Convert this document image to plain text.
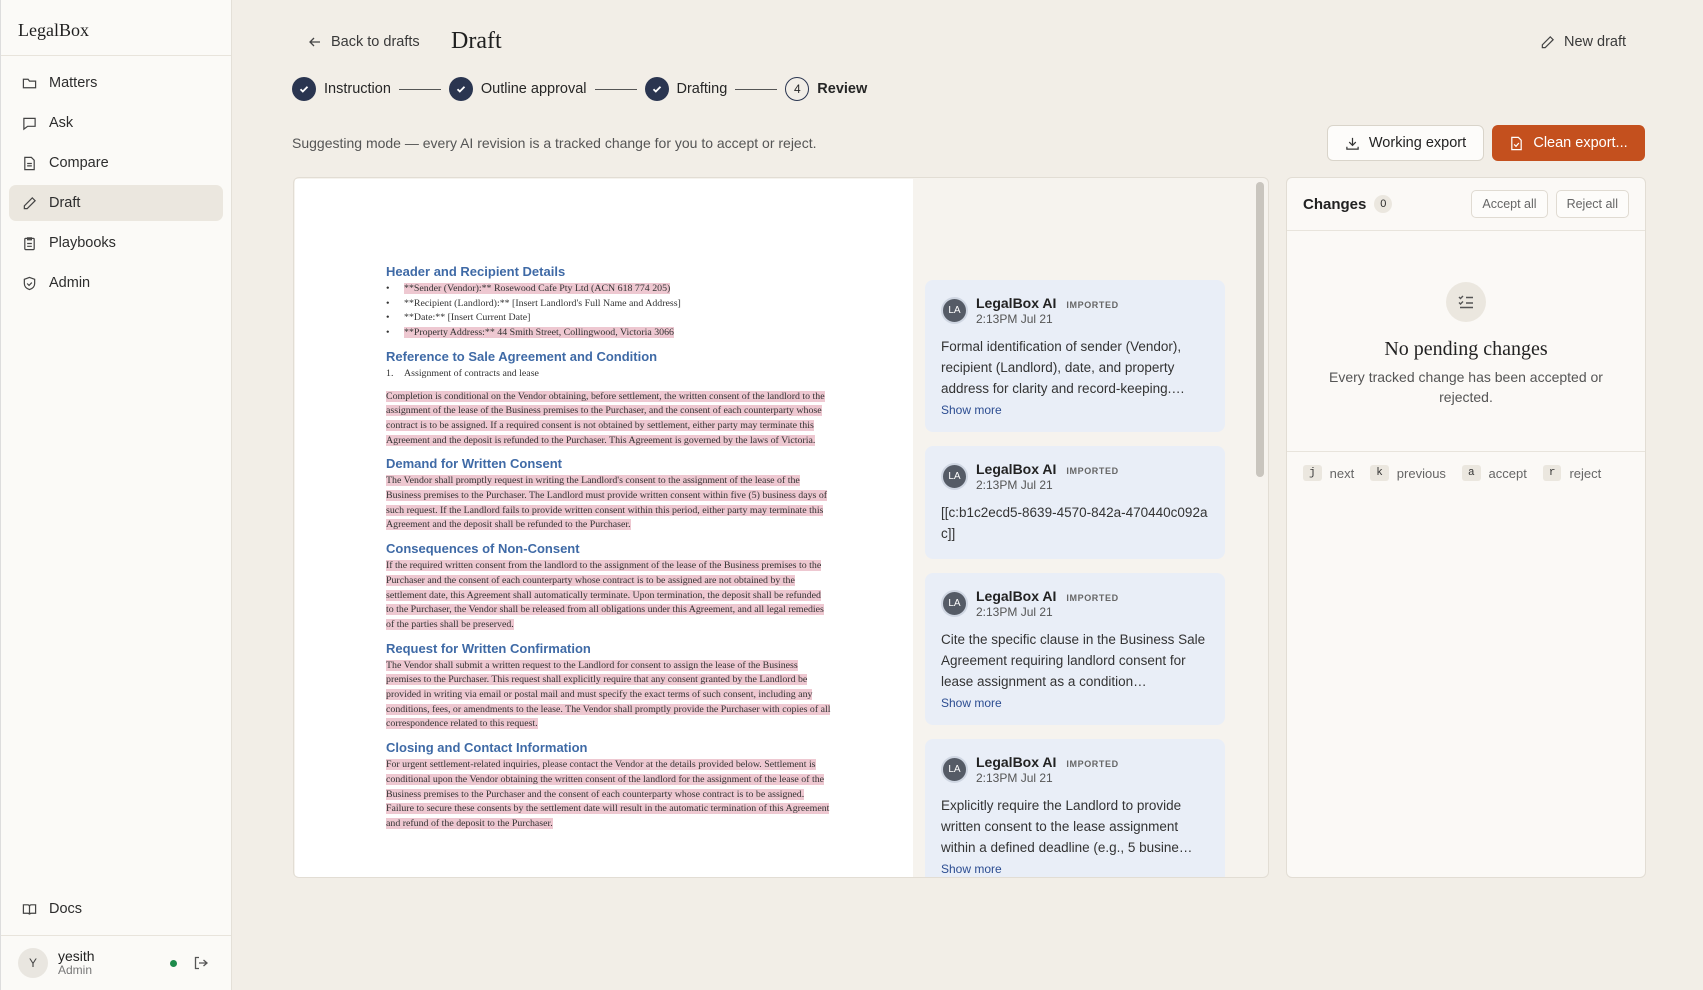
LegalBox
Matters
Ask
Compare
Draft
Playbooks
Admin
Docs
Y	yesith
Admin
Back to drafts Draft	New draft
Instruction	Outline approval	Drafting	4	Review
Suggesting mode — every AI revision is a tracked change for you to accept or reject.	Working export	Clean export...
Header and Recipient Details
• **Sender (Vendor):** Rosewood Cafe Pty Ltd (ACN 618 774 205)
• **Recipient (Landlord):** [Insert Landlord's Full Name and Address]
• **Date:** [Insert Current Date]
• **Property Address:** 44 Smith Street, Collingwood, Victoria 3066
Reference to Sale Agreement and Condition
1. Assignment of contracts and lease

Completion is conditional on the Vendor obtaining, before settlement, the written consent of the landlord to the assignment of the lease of the Business premises to the Purchaser, and the consent of each counterparty whose contract is to be assigned. If a required consent is not obtained by settlement, either party may terminate this Agreement and the deposit is refunded to the Purchaser. This Agreement is governed by the laws of Victoria.

Demand for Written Consent

The Vendor shall promptly request in writing the Landlord's consent to the assignment of the lease of the Business premises to the Purchaser. The Landlord must provide written consent within five (5) business days of such request. If the Landlord fails to provide written consent within this period, either party may terminate this Agreement and the deposit shall be refunded to the Purchaser.

Consequences of Non-Consent

If the required written consent from the landlord to the assignment of the lease of the Business premises to the Purchaser and the consent of each counterparty whose contract is to be assigned are not obtained by the settlement date, this Agreement shall automatically terminate. Upon termination, the deposit shall be refunded to the Purchaser, the Vendor shall be released from all obligations under this Agreement, and all legal remedies of the parties shall be preserved.

Request for Written Confirmation

The Vendor shall submit a written request to the Landlord for consent to assign the lease of the Business premises to the Purchaser. This request shall explicitly require that any consent granted by the Landlord be provided in writing via email or postal mail and must specify the exact terms of such consent, including any conditions, fees, or amendments to the lease. The Vendor shall promptly provide the Purchaser with copies of all correspondence related to this request.

Closing and Contact Information

For urgent settlement-related inquiries, please contact the Vendor at the details provided below. Settlement is conditional upon the Vendor obtaining the written consent of the landlord for the assignment of the lease of the Business premises to the Purchaser and the consent of each counterparty whose contract is to be assigned. Failure to secure these consents by the settlement date will result in the automatic termination of this Agreement and refund of the deposit to the Purchaser.

LA	LegalBox AI IMPORTED
2:13PM Jul 21
Formal identification of sender (Vendor), recipient (Landlord), date, and property address for clarity and record-keeping.…
Show more
LA	LegalBox AI IMPORTED
2:13PM Jul 21
[[c:b1c2ecd5-8639-4570-842a-470440c092ac]]
LA	LegalBox AI IMPORTED
2:13PM Jul 21
Cite the specific clause in the Business Sale Agreement requiring landlord consent for lease assignment as a condition…
Show more
LA	LegalBox AI IMPORTED
2:13PM Jul 21
Explicitly require the Landlord to provide written consent to the lease assignment within a defined deadline (e.g., 5 busine…
Show more
Changes	0	Accept all	Reject all
No pending changes
Every tracked change has been accepted or rejected.
j	next	k	previous	a	accept	r	reject
